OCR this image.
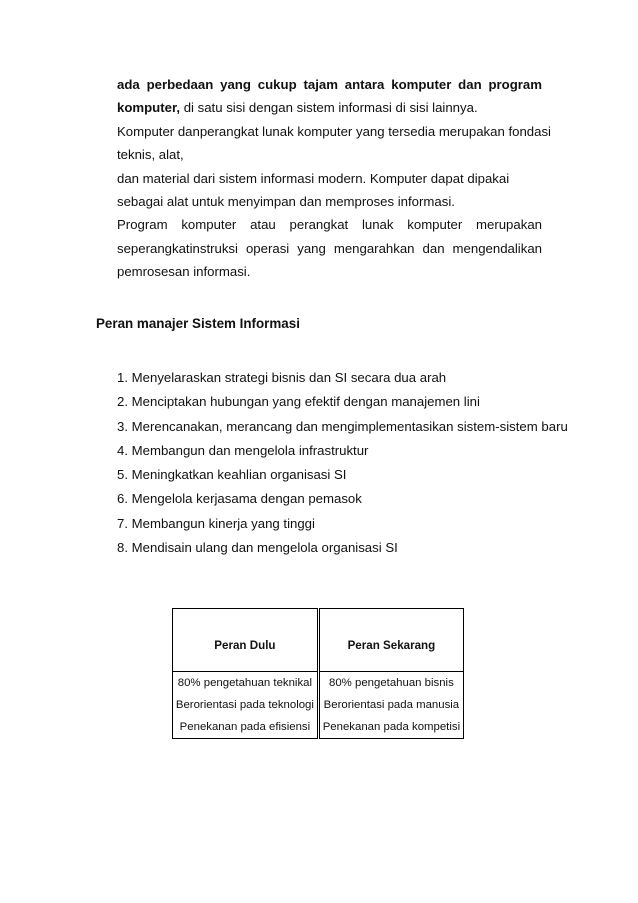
ada perbedaan yang cukup tajam antara komputer dan program
komputer, di satu sisi dengan sistem informasi di sisi lainnya.
Komputer danperangkat lunak komputer yang tersedia merupakan fondasi
teknis, alat,
dan material dari sistem informasi modern. Komputer dapat dipakai
sebagai alat untuk menyimpan dan memproses informasi.
Program komputer atau perangkat lunak komputer merupakan
seperangkatinstruksi operasi yang mengarahkan dan mengendalikan
pemrosesan informasi.
Peran manajer Sistem Informasi
1. Menyelaraskan strategi bisnis dan SI secara dua arah
2. Menciptakan hubungan yang efektif dengan manajemen lini
3. Merencanakan, merancang dan mengimplementasikan sistem-sistem baru
4. Membangun dan mengelola infrastruktur
5. Meningkatkan keahlian organisasi SI
6. Mengelola kerjasama dengan pemasok
7. Membangun kinerja yang tinggi
8. Mendisain ulang dan mengelola organisasi SI
Peran Dulu	Peran Sekarang
80% pengetahuan teknikal	80% pengetahuan bisnis
Berorientasi pada teknologi	Berorientasi pada manusia
Penekanan pada efisiensi	Penekanan pada kompetisi
